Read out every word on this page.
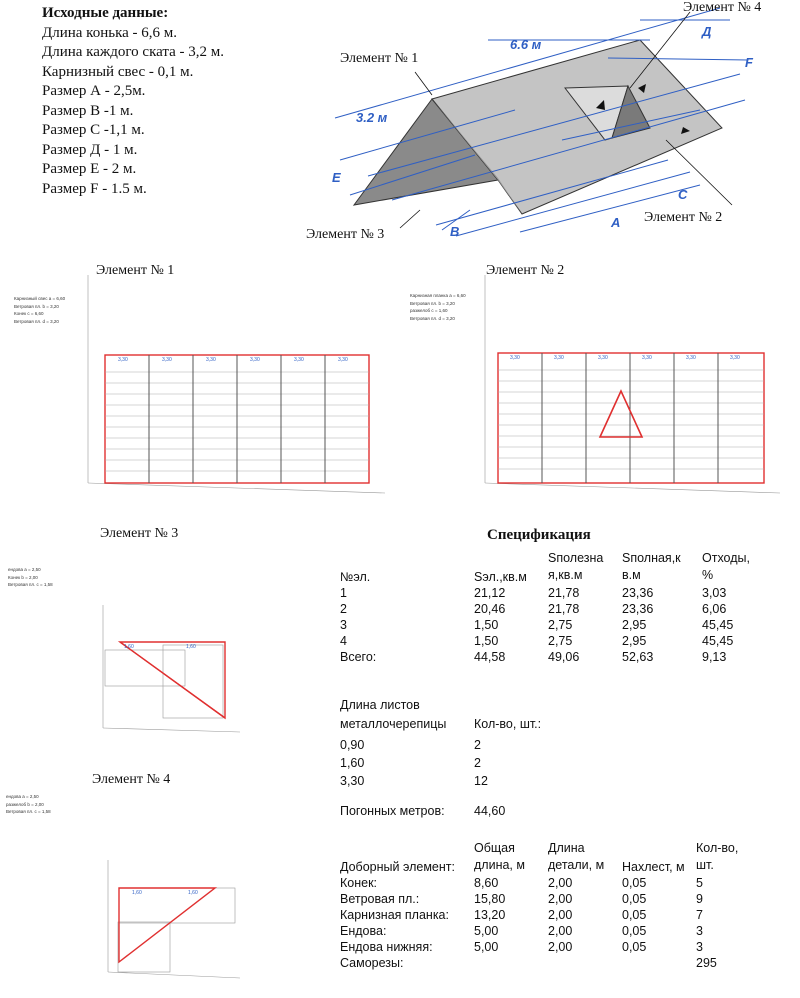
Исходные данные:
Длина конька - 6,6 м.
Длина каждого ската - 3,2 м.
Карнизный свес - 0,1 м.
Размер А - 2,5м.
Размер В -1 м.
Размер С -1,1 м.
Размер Д - 1 м.
Размер Е - 2 м.
Размер F - 1.5 м.
6.6 м
3.2 м
Д
F
E
B
A
C
Элемент № 1
Элемент № 4
Элемент № 2
Элемент № 3
Элемент № 1
Карнизный свес a = 6,60
Ветровая пл. b = 3,20
Конек c = 6,60
Ветровая пл. d = 3,20
3,30	3,30	3,30	3,30	3,30	3,30
Элемент № 2
Карнизная планка a = 6,60
Ветровая пл. b = 3,20
разжелоб c = 1,60
Ветровая пл. d = 3,20
3,30	3,30	3,30	3,30	3,30	3,30
Элемент № 3
ендова a = 2,50
Конек b = 2,00
Ветровая пл. c = 1,58
1,60	1,60
Элемент № 4
ендова a = 2,50
разжелоб b = 2,00
Ветровая пл. c = 1,58
1,60	1,60
Спецификация
№эл.	Sэл.,кв.м	Sполезна я,кв.м	Sполная,к в.м	Отходы, %
1	21,12	21,78	23,36	3,03
2	20,46	21,78	23,36	6,06
3	1,50	2,75	2,95	45,45
4	1,50	2,75	2,95	45,45
Всего:	44,58	49,06	52,63	9,13
Длина листов металлочерепицы	Кол-во, шт.:
0,90	2
1,60	2
3,30	12
Погонных метров: 44,60
Доборный элемент:	Общая длина, м	Длина детали, м	Нахлест, м	Кол-во, шт.
Конек:	8,60	2,00	0,05	5
Ветровая пл.:	15,80	2,00	0,05	9
Карнизная планка:	13,20	2,00	0,05	7
Ендова:	5,00	2,00	0,05	3
Ендова нижняя:	5,00	2,00	0,05	3
Саморезы:				295
